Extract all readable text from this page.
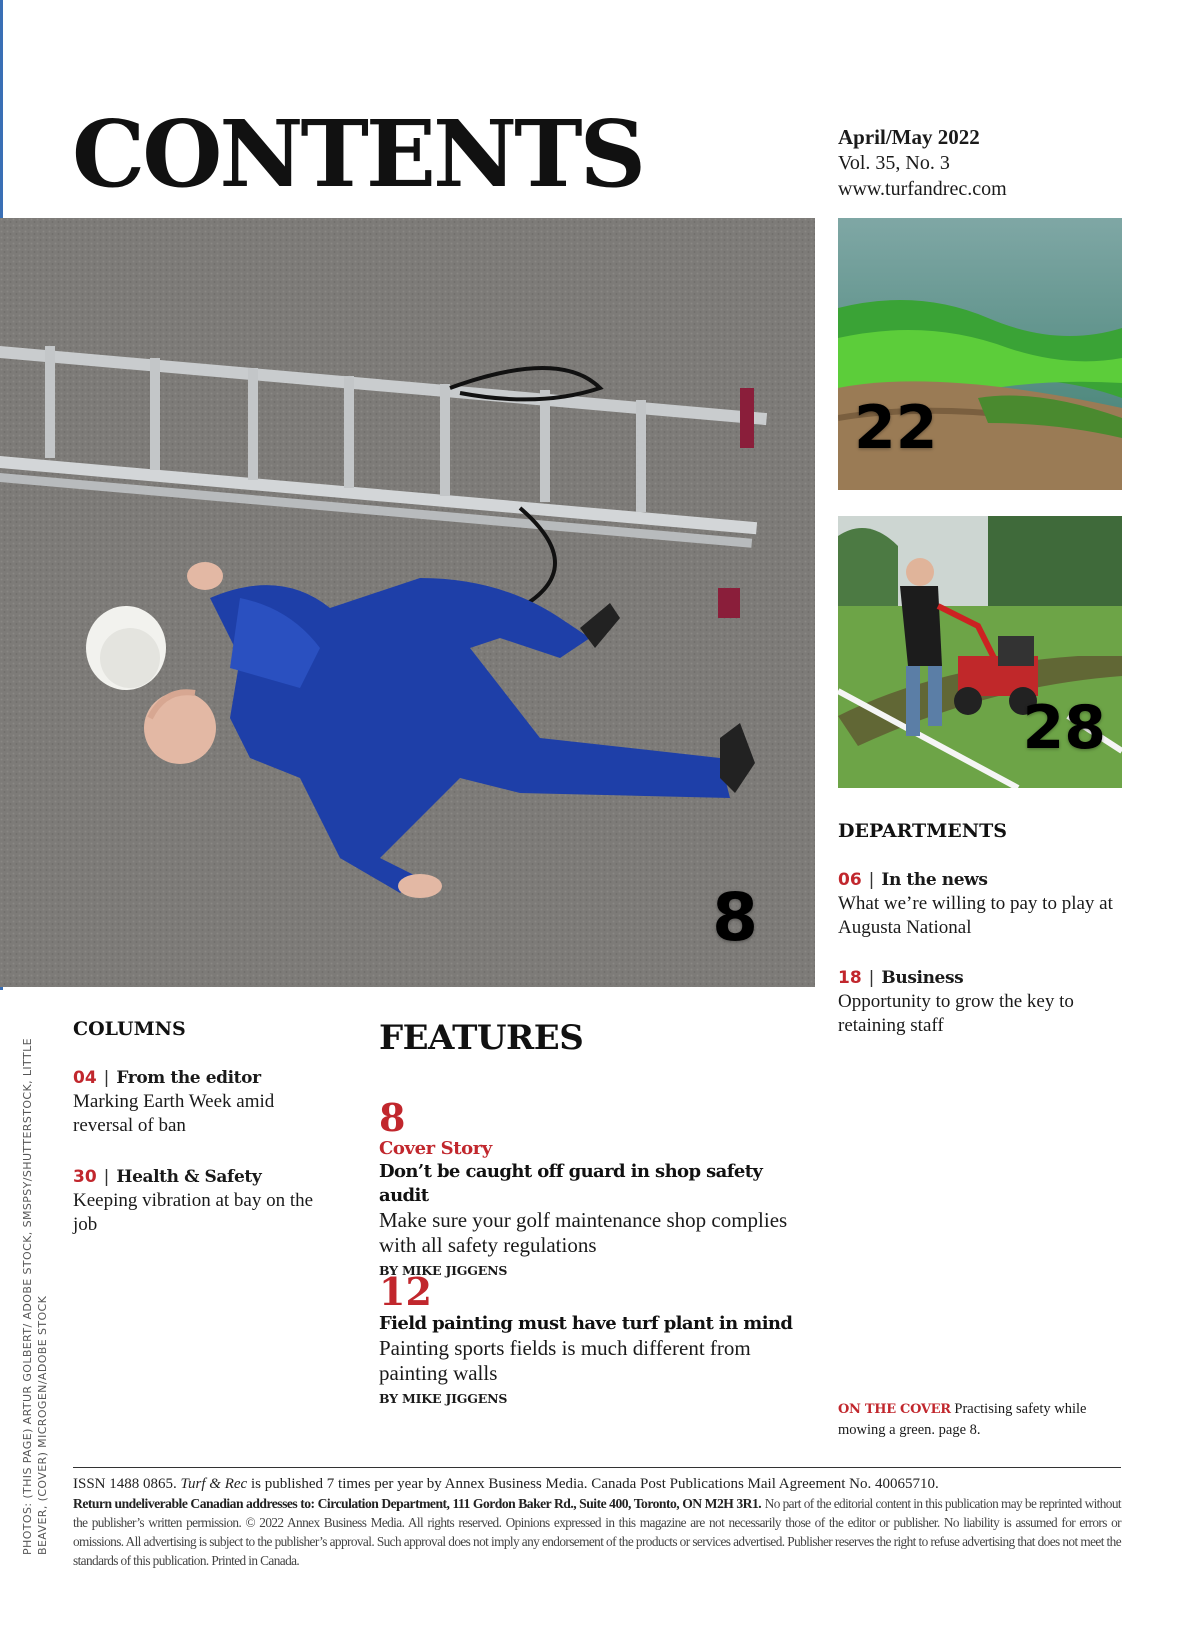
CONTENTS	April/May 2022
Vol. 35, No. 3
www.turfandrec.com
8
22
28
DEPARTMENTS
06 | In the news
What we’re willing to pay to play at Augusta National
18 | Business
Opportunity to grow the key to retaining staff
COLUMNS
04 | From the editor
Marking Earth Week amid reversal of ban
30 | Health & Safety
Keeping vibration at bay on the job
FEATURES
8
Cover Story
Don’t be caught off guard in shop safety audit
Make sure your golf maintenance shop complies with all safety regulations
BY MIKE JIGGENS
12
Field painting must have turf plant in mind
Painting sports fields is much different from painting walls
BY MIKE JIGGENS
ON THE COVER Practising safety while mowing a green. page 8.
PHOTOS: (THIS PAGE) ARTUR GOLBERT/ ADOBE STOCK, SMSPSY/SHUTTERSTOCK, LITTLE BEAVER, (COVER) MICROGEN/ADOBE STOCK ISSN 1488 0865. Turf & Rec is published 7 times per year by Annex Business Media. Canada Post Publications Mail Agreement No. 40065710.
Return undeliverable Canadian addresses to: Circulation Department, 111 Gordon Baker Rd., Suite 400, Toronto, ON M2H 3R1. No part of the editorial content in this publication may be reprinted without the publisher’s written permission. © 2022 Annex Business Media. All rights reserved. Opinions expressed in this magazine are not necessarily those of the editor or publisher. No liability is assumed for errors or omissions. All advertising is subject to the publisher’s approval. Such approval does not imply any endorsement of the products or services advertised. Publisher reserves the right to refuse advertising that does not meet the standards of this publication. Printed in Canada.
